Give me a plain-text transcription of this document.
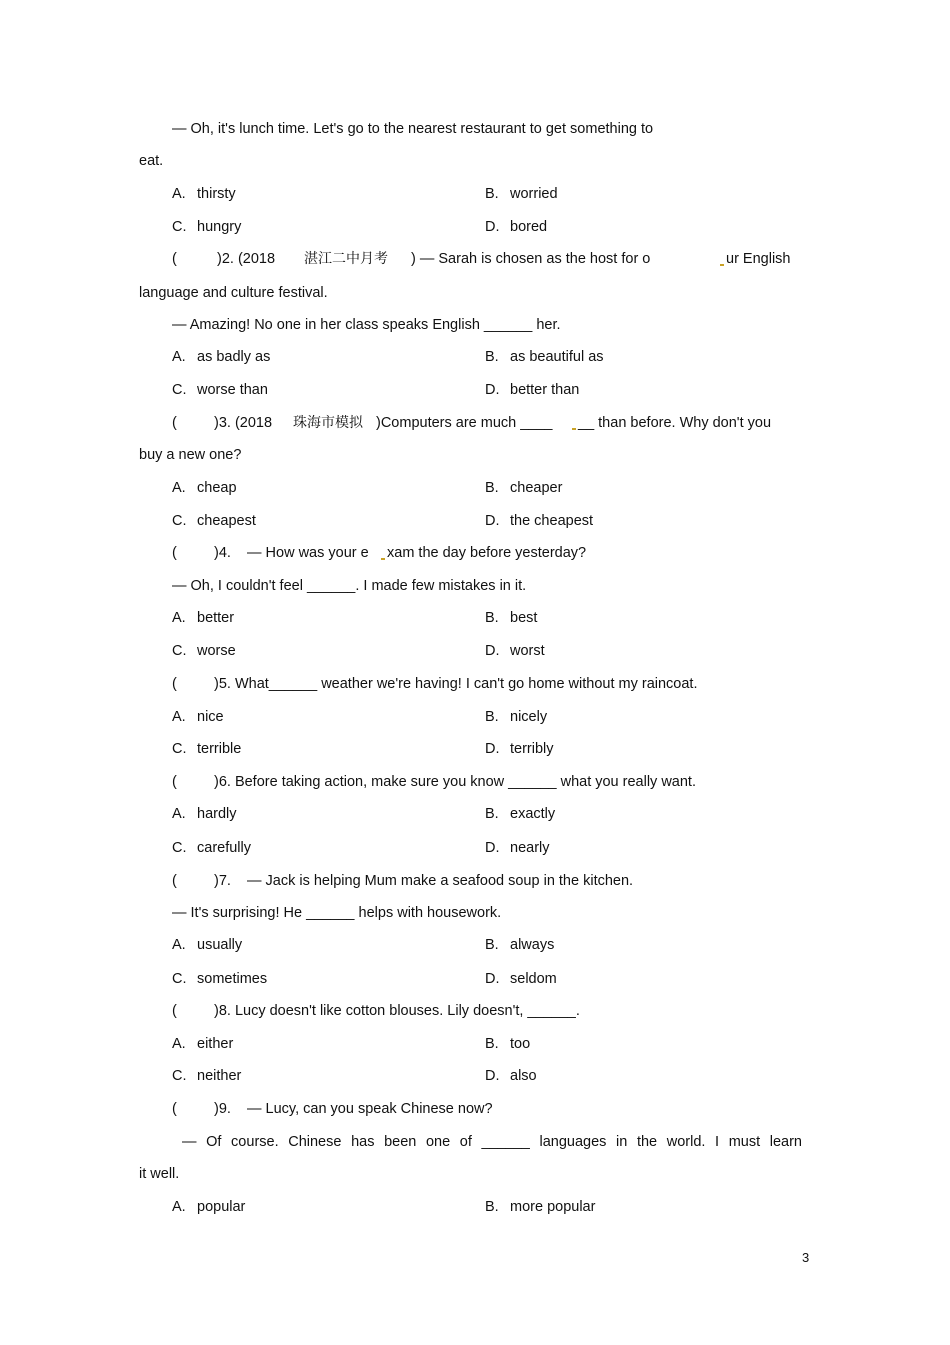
— Oh, it's lunch time. Let's go to the nearest restaurant to get something to
eat.
A. thirsty	B. worried
C. hungry	D. bored
(	)2. (2018 湛江二中月考 ) — Sarah is chosen as the host for o	ur English
language and culture festival.
— Amazing! No one in her class speaks English ______ her.
A. as badly as	B. as beautiful as
C. worse than	D. better than
(	)3. (2018 珠海市模拟 )Computers are much ____	__ than before. Why don't you
buy a new one?
A. cheap	B. cheaper
C. cheapest	D. the cheapest
(	)4. — How was your e	xam the day before yesterday?
— Oh, I couldn't feel ______. I made few mistakes in it.
A. better	B. best
C. worse	D. worst
(	)5. What______ weather we're having! I can't go home without my raincoat.
A. nice	B. nicely
C. terrible	D. terribly
(	)6. Before taking action, make sure you know ______ what you really want.
A. hardly	B. exactly
C. carefully	D. nearly
(	)7. — Jack is helping Mum make a seafood soup in the kitchen.
— It's surprising! He ______ helps with housework.
A. usually	B. always
C. sometimes	D. seldom
(	)8. Lucy doesn't like cotton blouses. Lily doesn't, ______.
A. either	B. too
C. neither	D. also
(	)9. — Lucy, can you speak Chinese now?
— Of course. Chinese has been one of ______ languages in the world. I must learn
it well.
A. popular	B. more popular
3
